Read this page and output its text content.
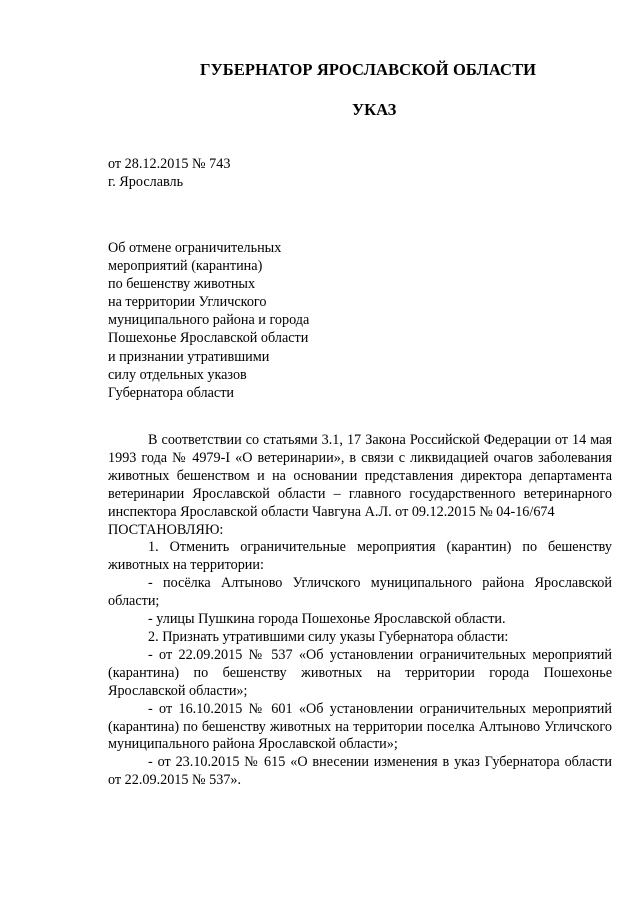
ГУБЕРНАТОР ЯРОСЛАВСКОЙ ОБЛАСТИ
УКАЗ
от 28.12.2015 № 743
г. Ярославль
Об отмене ограничительных
мероприятий (карантина)
по бешенству животных
на территории Угличского
муниципального района и города
Пошехонье Ярославской области
и признании утратившими
силу отдельных указов
Губернатора области

В соответствии со статьями 3.1, 17 Закона Российской Федерации от 14 мая 1993 года № 4979-I «О ветеринарии», в связи с ликвидацией очагов заболевания животных бешенством и на основании представления директора департамента ветеринарии Ярославской области – главного государственного ветеринарного инспектора Ярославской области Чавгуна А.Л. от 09.12.2015 № 04-16/674

ПОСТАНОВЛЯЮ:

1. Отменить ограничительные мероприятия (карантин) по бешенству животных на территории:

- посёлка Алтыново Угличского муниципального района Ярославской области;

- улицы Пушкина города Пошехонье Ярославской области.

2. Признать утратившими силу указы Губернатора области:

- от 22.09.2015 № 537 «Об установлении ограничительных мероприятий (карантина) по бешенству животных на территории города Пошехонье Ярославской области»;

- от 16.10.2015 № 601 «Об установлении ограничительных мероприятий (карантина) по бешенству животных на территории поселка Алтыново Угличского муниципального района Ярославской области»;

- от 23.10.2015 № 615 «О внесении изменения в указ Губернатора области от 22.09.2015 № 537».
